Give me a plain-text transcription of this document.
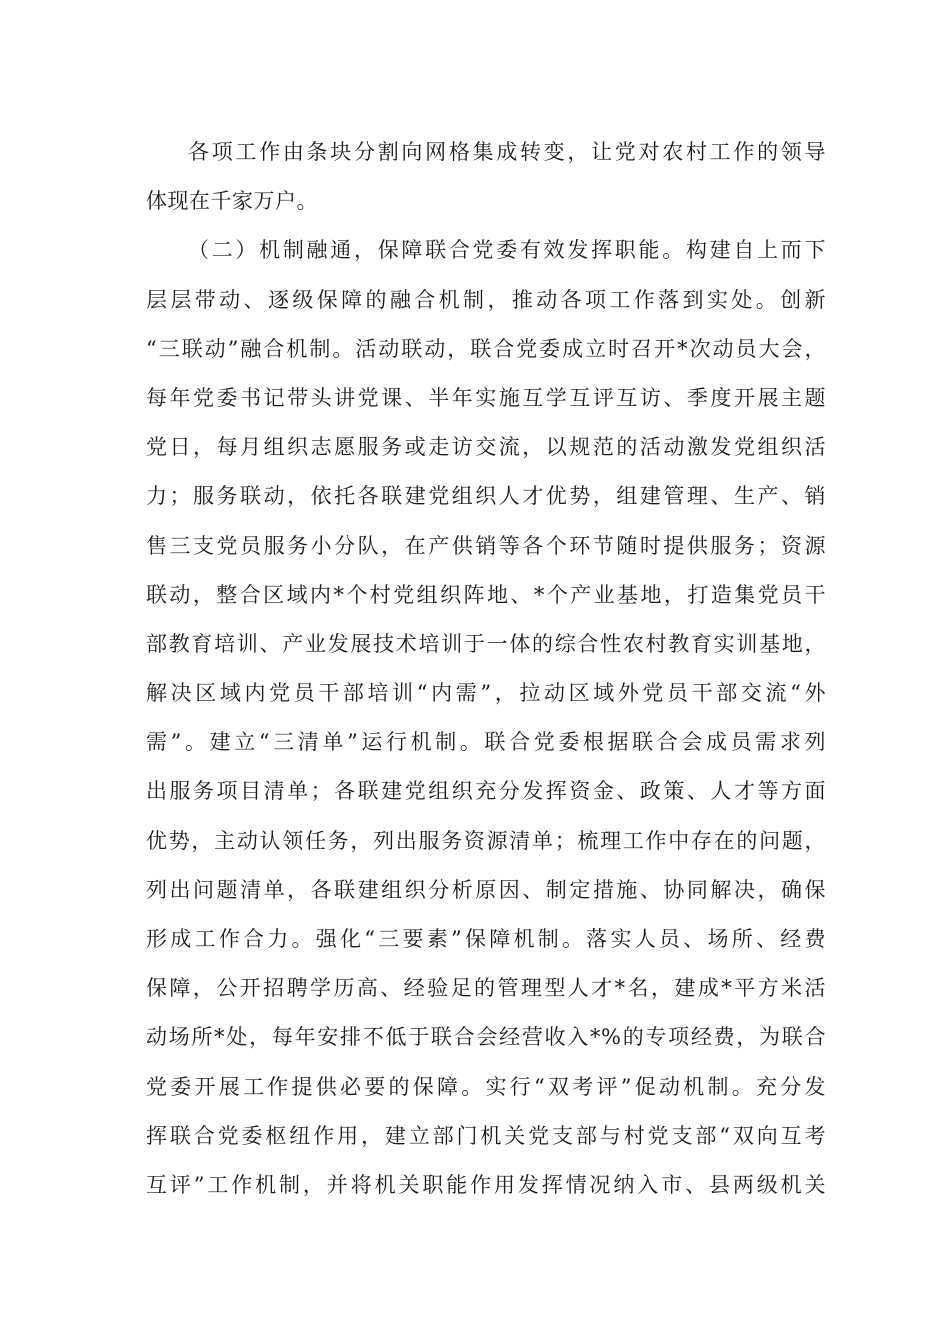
各项工作由条块分割向网格集成转变，让党对农村工作的领导
体现在千家万户。
（二）机制融通，保障联合党委有效发挥职能。构建自上而下
层层带动、逐级保障的融合机制，推动各项工作落到实处。创新
“三联动”融合机制。活动联动，联合党委成立时召开*次动员大会，
每年党委书记带头讲党课、半年实施互学互评互访、季度开展主题
党日，每月组织志愿服务或走访交流，以规范的活动激发党组织活
力；服务联动，依托各联建党组织人才优势，组建管理、生产、销
售三支党员服务小分队，在产供销等各个环节随时提供服务；资源
联动，整合区域内*个村党组织阵地、*个产业基地，打造集党员干
部教育培训、产业发展技术培训于一体的综合性农村教育实训基地，
解决区域内党员干部培训“内需”，拉动区域外党员干部交流“外
需”。建立“三清单”运行机制。联合党委根据联合会成员需求列
出服务项目清单；各联建党组织充分发挥资金、政策、人才等方面
优势，主动认领任务，列出服务资源清单；梳理工作中存在的问题，
列出问题清单，各联建组织分析原因、制定措施、协同解决，确保
形成工作合力。强化“三要素”保障机制。落实人员、场所、经费
保障，公开招聘学历高、经验足的管理型人才*名，建成*平方米活
动场所*处，每年安排不低于联合会经营收入*%的专项经费，为联合
党委开展工作提供必要的保障。实行“双考评”促动机制。充分发
挥联合党委枢纽作用，建立部门机关党支部与村党支部“双向互考
互评”工作机制，并将机关职能作用发挥情况纳入市、县两级机关
